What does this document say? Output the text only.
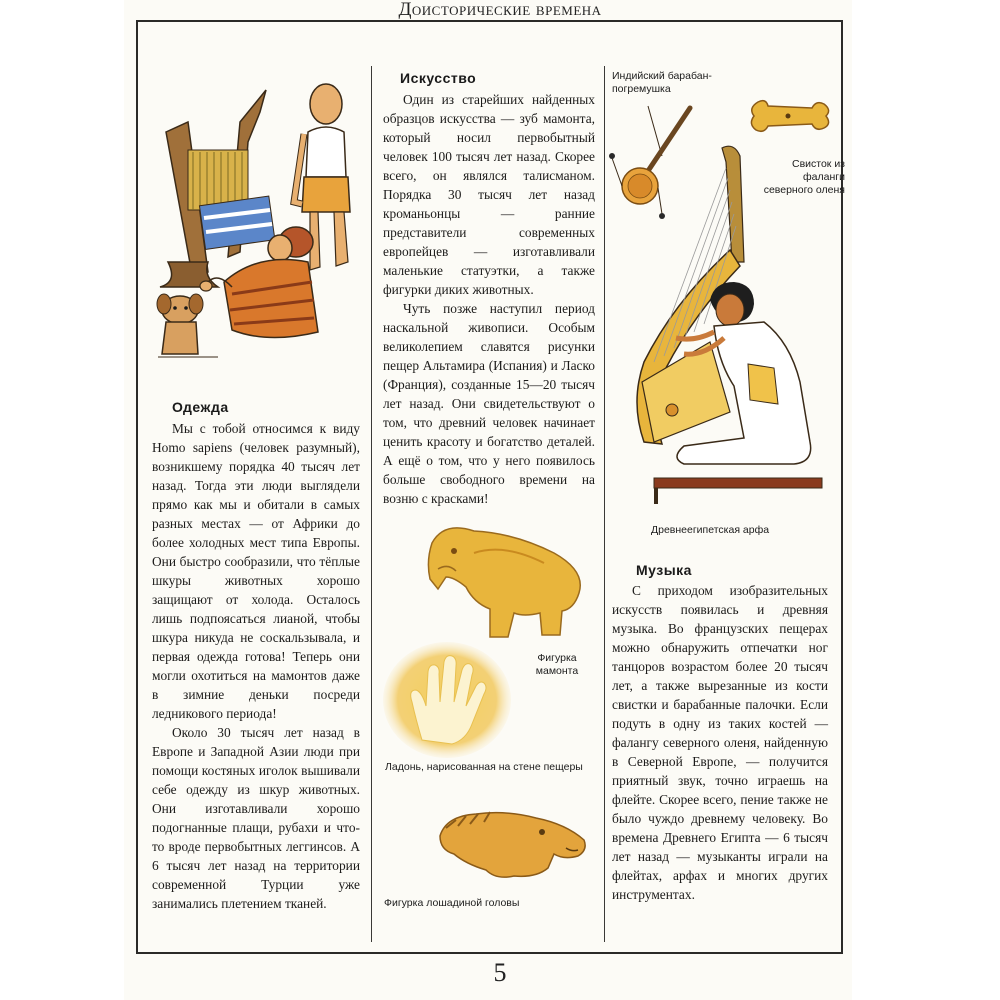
Доисторические времена
Одежда

Мы с тобой относимся к виду Homo sapiens (человек разумный), возникшему порядка 40 тысяч лет назад. Тогда эти люди выглядели прямо как мы и обитали в самых разных местах — от Африки до более холодных мест типа Европы. Они быстро сообразили, что тёплые шкуры животных хорошо защищают от холода. Осталось лишь подпоясаться лианой, чтобы шкура никуда не соскальзывала, и первая одежда готова! Теперь они могли охотиться на мамонтов даже в зимние деньки посреди ледникового периода!

Около 30 тысяч лет назад в Европе и Западной Азии люди при помощи костяных иголок вышивали себе одежду из шкур животных. Они изготавливали хорошо подогнанные плащи, рубахи и что-то вроде первобытных леггинсов. А 6 тысяч лет назад на территории современной Турции уже занимались плетением тканей.

Искусство

Один из старейших найденных образцов искусства — зуб мамонта, который носил первобытный человек 100 тысяч лет назад. Скорее всего, он являлся талисманом. Порядка 30 тысяч лет назад кроманьонцы — ранние представители современных европейцев — изготавливали маленькие статуэтки, а также фигурки диких животных.

Чуть позже наступил период наскальной живописи. Особым великолепием славятся рисунки пещер Альтамира (Испания) и Ласко (Франция), созданные 15—20 тысяч лет назад. Они свидетельствуют о том, что древний человек начинает ценить красоту и богатство деталей. А ещё о том, что у него появилось больше свободного времени на возню с красками!

Фигурка мамонта
Ладонь, нарисованная на стене пещеры
Фигурка лошадиной головы
Индийский барабан-погремушка
Свисток из фаланги северного оленя
Древнеегипетская арфа
Музыка

С приходом изобразительных искусств появилась и древняя музыка. Во французских пещерах можно обнаружить отпечатки ног танцоров возрастом более 20 тысяч лет, а также вырезанные из кости свистки и барабанные палочки. Если подуть в одну из таких костей — фалангу северного оленя, найденную в Северной Европе, — получится приятный звук, точно играешь на флейте. Скорее всего, пение также не было чуждо древнему человеку. Во времена Древнего Египта — 6 тысяч лет назад — музыканты играли на флейтах, арфах и многих других инструментах.

5
